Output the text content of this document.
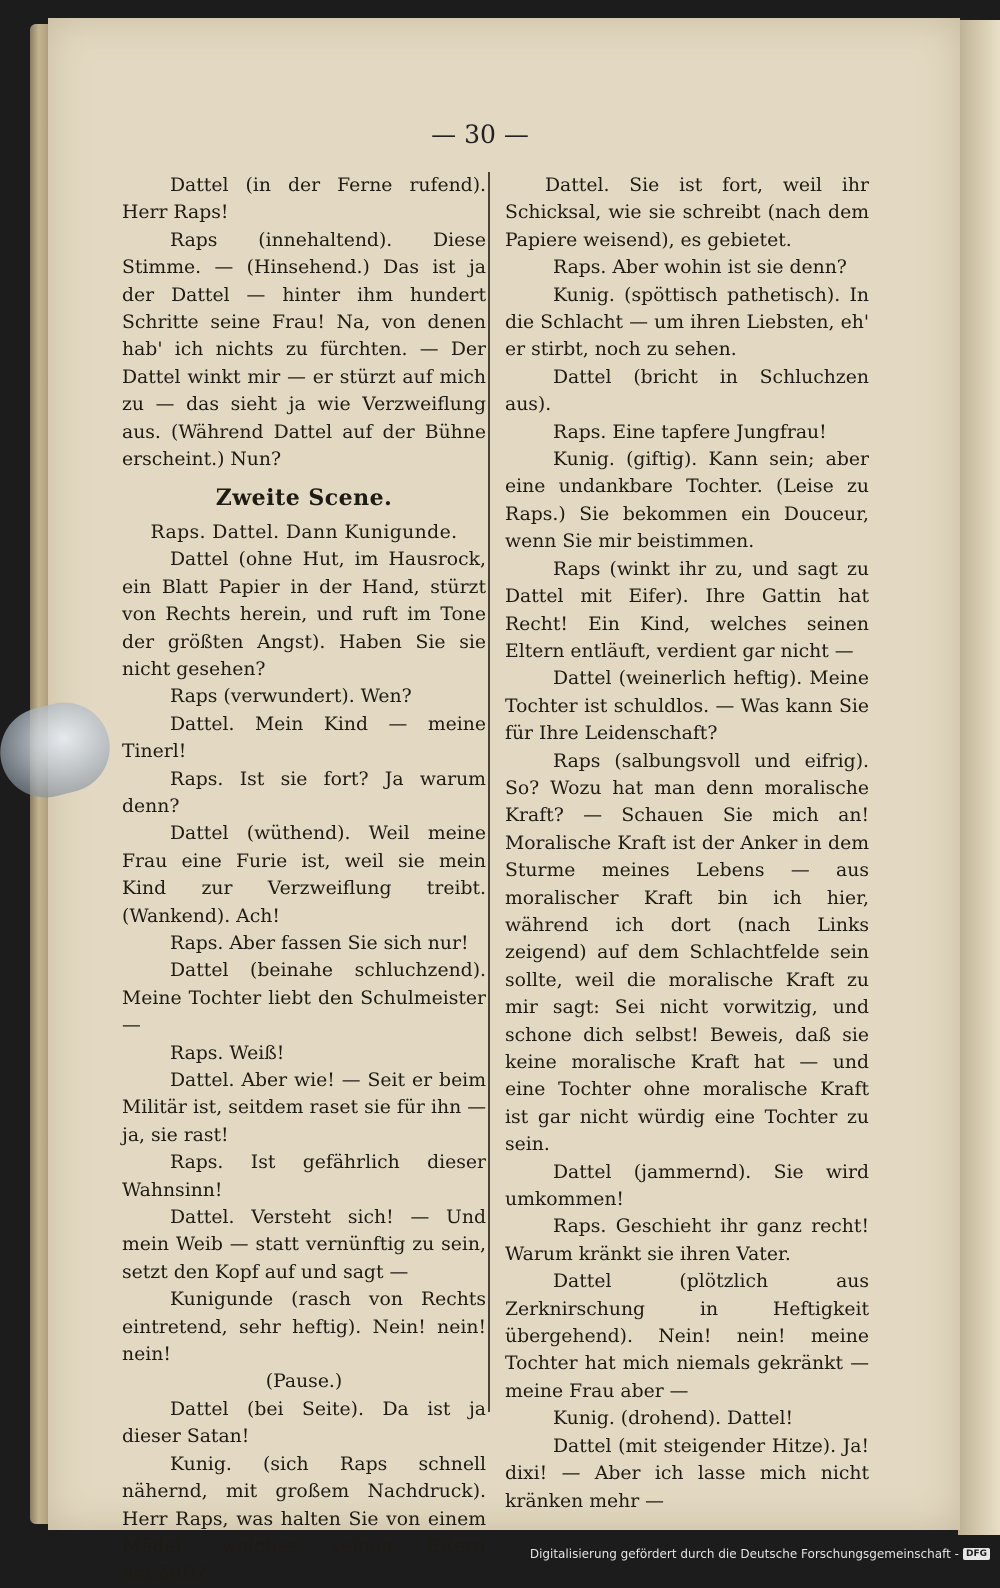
— 30 —

Dattel (in der Ferne rufend). Herr Raps!

Raps (innehaltend). Diese Stimme. — (Hinsehend.) Das ist ja der Dattel — hinter ihm hundert Schritte seine Frau! Na, von denen hab' ich nichts zu fürchten. — Der Dattel winkt mir — er stürzt auf mich zu — das sieht ja wie Verzweiflung aus. (Während Dattel auf der Bühne erscheint.) Nun?

Zweite Scene.

Raps. Dattel. Dann Kunigunde.

Dattel (ohne Hut, im Hausrock, ein Blatt Papier in der Hand, stürzt von Rechts herein, und ruft im Tone der größten Angst). Haben Sie sie nicht gesehen?

Raps (verwundert). Wen?

Dattel. Mein Kind — meine Tinerl!

Raps. Ist sie fort? Ja warum denn?

Dattel (wüthend). Weil meine Frau eine Furie ist, weil sie mein Kind zur Verzweiflung treibt. (Wankend). Ach!

Raps. Aber fassen Sie sich nur!

Dattel (beinahe schluchzend). Meine Tochter liebt den Schulmeister —

Raps. Weiß!

Dattel. Aber wie! — Seit er beim Militär ist, seitdem raset sie für ihn — ja, sie rast!

Raps. Ist gefährlich dieser Wahnsinn!

Dattel. Versteht sich! — Und mein Weib — statt vernünftig zu sein, setzt den Kopf auf und sagt —

Kunigunde (rasch von Rechts eintretend, sehr heftig). Nein! nein! nein!

(Pause.)

Dattel (bei Seite). Da ist ja dieser Satan!

Kunig. (sich Raps schnell nähernd, mit großem Nachdruck). Herr Raps, was halten Sie von einem Mädel, welches seinen Eltern entläuft?

Dattel. Sie ist fort, weil ihr Schicksal, wie sie schreibt (nach dem Papiere weisend), es gebietet.

Raps. Aber wohin ist sie denn?

Kunig. (spöttisch pathetisch). In die Schlacht — um ihren Liebsten, eh' er stirbt, noch zu sehen.

Dattel (bricht in Schluchzen aus).

Raps. Eine tapfere Jungfrau!

Kunig. (giftig). Kann sein; aber eine undankbare Tochter. (Leise zu Raps.) Sie bekommen ein Douceur, wenn Sie mir beistimmen.

Raps (winkt ihr zu, und sagt zu Dattel mit Eifer). Ihre Gattin hat Recht! Ein Kind, welches seinen Eltern entläuft, verdient gar nicht —

Dattel (weinerlich heftig). Meine Tochter ist schuldlos. — Was kann Sie für Ihre Leidenschaft?

Raps (salbungsvoll und eifrig). So? Wozu hat man denn moralische Kraft? — Schauen Sie mich an! Moralische Kraft ist der Anker in dem Sturme meines Lebens — aus moralischer Kraft bin ich hier, während ich dort (nach Links zeigend) auf dem Schlachtfelde sein sollte, weil die moralische Kraft zu mir sagt: Sei nicht vorwitzig, und schone dich selbst! Beweis, daß sie keine moralische Kraft hat — und eine Tochter ohne moralische Kraft ist gar nicht würdig eine Tochter zu sein.

Dattel (jammernd). Sie wird umkommen!

Raps. Geschieht ihr ganz recht! Warum kränkt sie ihren Vater.

Dattel (plötzlich aus Zerknirschung in Heftigkeit übergehend). Nein! nein! meine Tochter hat mich niemals gekränkt — meine Frau aber —

Kunig. (drohend). Dattel!

Dattel (mit steigender Hitze). Ja! dixi! — Aber ich lasse mich nicht kränken mehr —

Digitalisierung gefördert durch die Deutsche Forschungsgemeinschaft - DFG
